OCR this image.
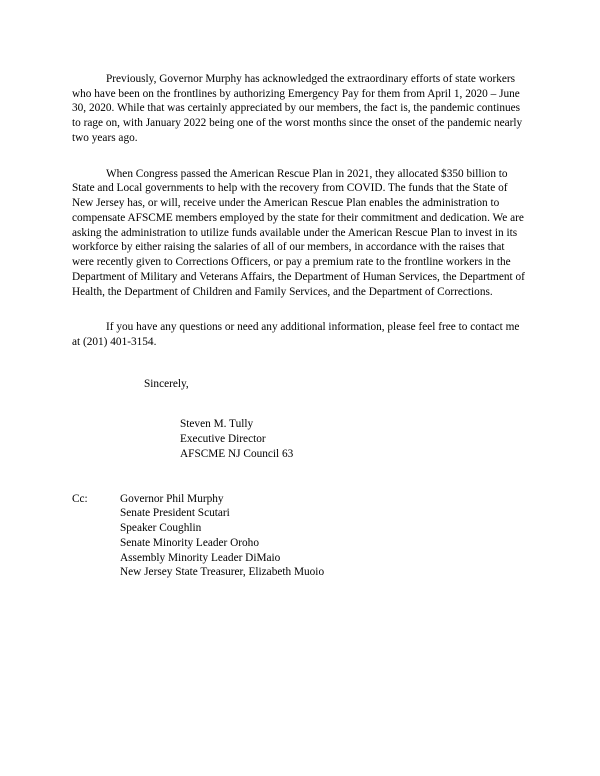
Previously, Governor Murphy has acknowledged the extraordinary efforts of state workers who have been on the frontlines by authorizing Emergency Pay for them from April 1, 2020 – June 30, 2020. While that was certainly appreciated by our members, the fact is, the pandemic continues to rage on, with January 2022 being one of the worst months since the onset of the pandemic nearly two years ago.

When Congress passed the American Rescue Plan in 2021, they allocated $350 billion to State and Local governments to help with the recovery from COVID. The funds that the State of New Jersey has, or will, receive under the American Rescue Plan enables the administration to compensate AFSCME members employed by the state for their commitment and dedication. We are asking the administration to utilize funds available under the American Rescue Plan to invest in its workforce by either raising the salaries of all of our members, in accordance with the raises that were recently given to Corrections Officers, or pay a premium rate to the frontline workers in the Department of Military and Veterans Affairs, the Department of Human Services, the Department of Health, the Department of Children and Family Services, and the Department of Corrections.

If you have any questions or need any additional information, please feel free to contact me at (201) 401-3154.

Sincerely,
Steven M. Tully
Executive Director
AFSCME NJ Council 63
Cc:	Governor Phil Murphy
Senate President Scutari
Speaker Coughlin
Senate Minority Leader Oroho
Assembly Minority Leader DiMaio
New Jersey State Treasurer, Elizabeth Muoio
